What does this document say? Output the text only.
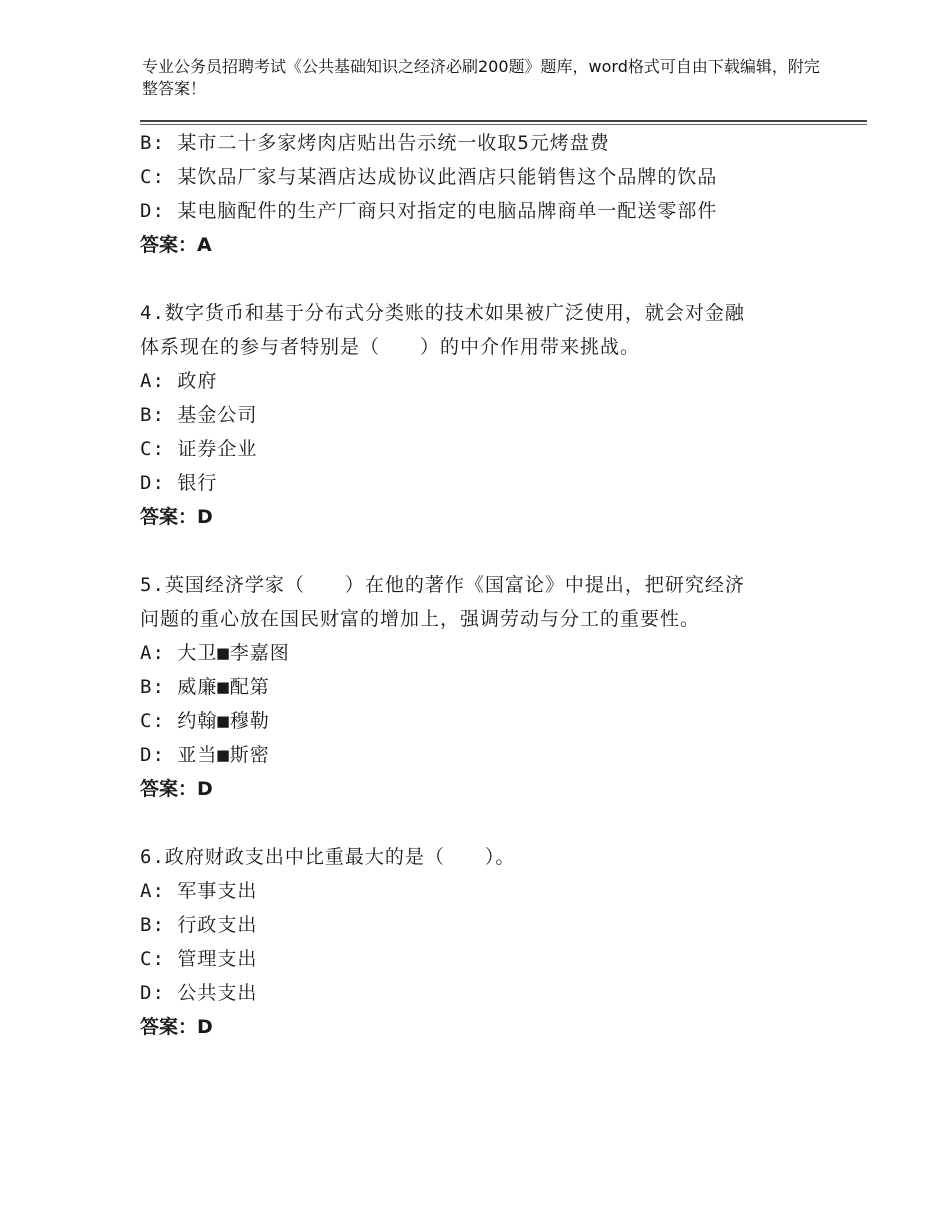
专业公务员招聘考试《公共基础知识之经济必刷200题》题库，word格式可自由下载编辑，附完整答案！
B: 某市二十多家烤肉店贴出告示统一收取5元烤盘费
C: 某饮品厂家与某酒店达成协议此酒店只能销售这个品牌的饮品
D: 某电脑配件的生产厂商只对指定的电脑品牌商单一配送零部件
答案：A
4.数字货币和基于分布式分类账的技术如果被广泛使用，就会对金融
体系现在的参与者特别是（　　）的中介作用带来挑战。
A: 政府
B: 基金公司
C: 证券企业
D: 银行
答案：D
5.英国经济学家（　　）在他的著作《国富论》中提出，把研究经济
问题的重心放在国民财富的增加上，强调劳动与分工的重要性。
A: 大卫■李嘉图
B: 威廉■配第
C: 约翰■穆勒
D: 亚当■斯密
答案：D
6.政府财政支出中比重最大的是（　　）。
A: 军事支出
B: 行政支出
C: 管理支出
D: 公共支出
答案：D
